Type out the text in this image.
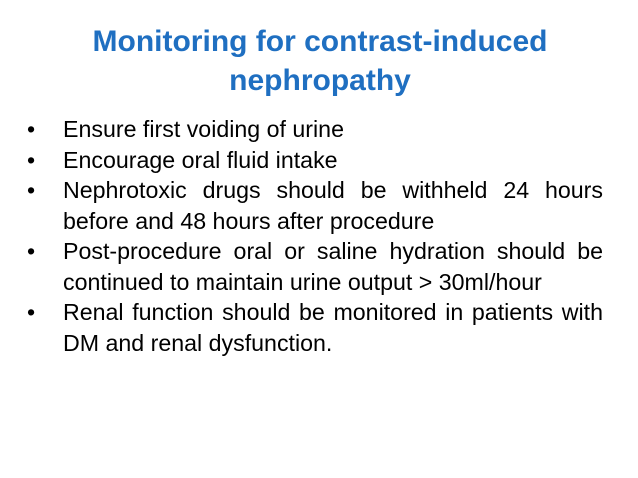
Monitoring for contrast-induced nephropathy
•	Ensure first voiding of urine
•	Encourage oral fluid intake
•	Nephrotoxic drugs should be withheld 24 hours before and 48 hours after procedure
•	Post-procedure oral or saline hydration should be continued to maintain urine output > 30ml/hour
•	Renal function should be monitored in patients with DM and renal dysfunction.
